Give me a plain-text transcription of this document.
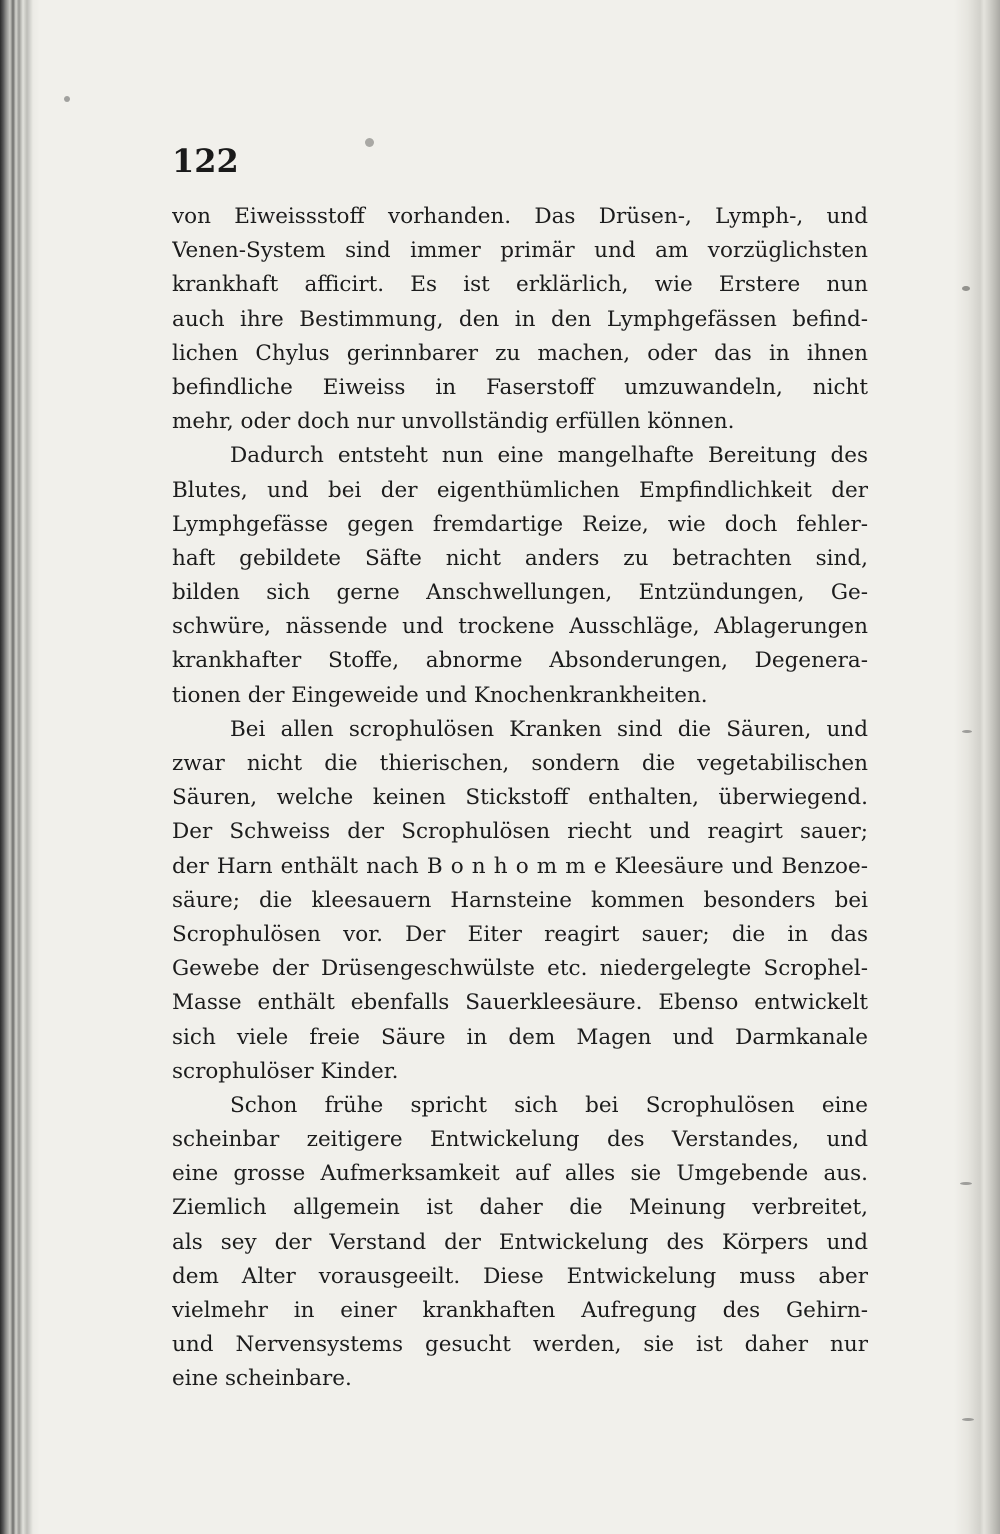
122
von Eiweissstoff vorhanden. Das Drüsen-, Lymph-, und
Venen-System sind immer primär und am vorzüglichsten
krankhaft afficirt. Es ist erklärlich, wie Erstere nun
auch ihre Bestimmung, den in den Lymphgefässen befind-
lichen Chylus gerinnbarer zu machen, oder das in ihnen
befindliche Eiweiss in Faserstoff umzuwandeln, nicht
mehr, oder doch nur unvollständig erfüllen können.
Dadurch entsteht nun eine mangelhafte Bereitung des
Blutes, und bei der eigenthümlichen Empfindlichkeit der
Lymphgefässe gegen fremdartige Reize, wie doch fehler-
haft gebildete Säfte nicht anders zu betrachten sind,
bilden sich gerne Anschwellungen, Entzündungen, Ge-
schwüre, nässende und trockene Ausschläge, Ablagerungen
krankhafter Stoffe, abnorme Absonderungen, Degenera-
tionen der Eingeweide und Knochenkrankheiten.
Bei allen scrophulösen Kranken sind die Säuren, und
zwar nicht die thierischen, sondern die vegetabilischen
Säuren, welche keinen Stickstoff enthalten, überwiegend.
Der Schweiss der Scrophulösen riecht und reagirt sauer;
der Harn enthält nach B o n h o m m e Kleesäure und Benzoe-
säure; die kleesauern Harnsteine kommen besonders bei
Scrophulösen vor. Der Eiter reagirt sauer; die in das
Gewebe der Drüsengeschwülste etc. niedergelegte Scrophel-
Masse enthält ebenfalls Sauerkleesäure. Ebenso entwickelt
sich viele freie Säure in dem Magen und Darmkanale
scrophulöser Kinder.
Schon frühe spricht sich bei Scrophulösen eine
scheinbar zeitigere Entwickelung des Verstandes, und
eine grosse Aufmerksamkeit auf alles sie Umgebende aus.
Ziemlich allgemein ist daher die Meinung verbreitet,
als sey der Verstand der Entwickelung des Körpers und
dem Alter vorausgeeilt. Diese Entwickelung muss aber
vielmehr in einer krankhaften Aufregung des Gehirn-
und Nervensystems gesucht werden, sie ist daher nur
eine scheinbare.
